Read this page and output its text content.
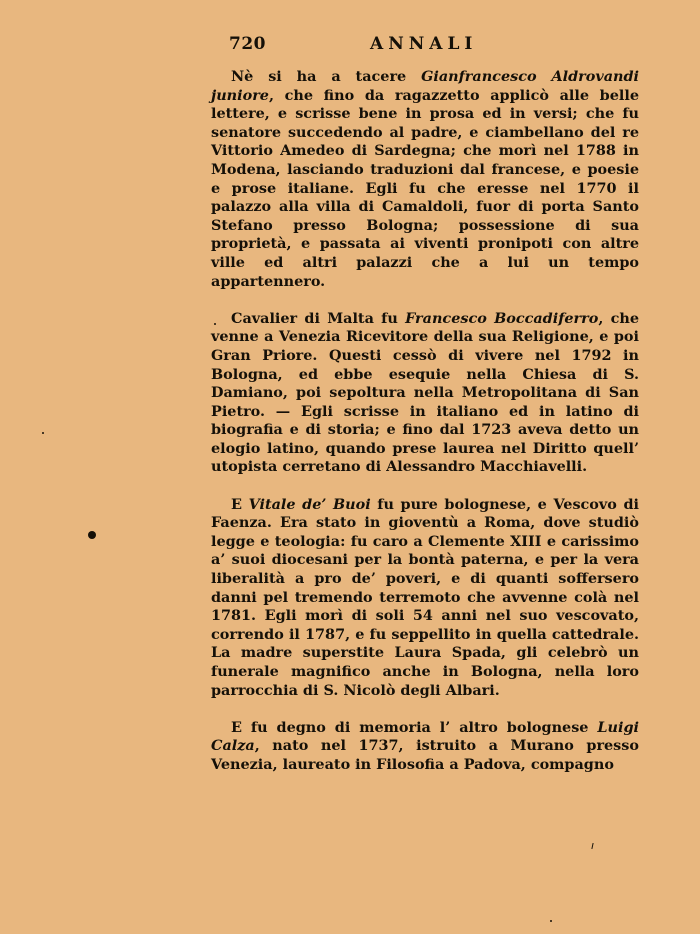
720	ANNALI

Nè si ha a tacere Gianfrancesco Aldrovandi juniore, che fino da ragazzetto applicò alle belle lettere, e scrisse bene in prosa ed in versi; che fu senatore succedendo al padre, e ciambellano del re Vittorio Amedeo di Sardegna; che morì nel 1788 in Modena, lasciando traduzioni dal francese, e poesie e prose italiane. Egli fu che eresse nel 1770 il palazzo alla villa di Camaldoli, fuor di porta Santo Stefano presso Bologna; possessione di sua proprietà, e passata ai viventi pronipoti con altre ville ed altri palazzi che a lui un tempo appartennero.

Cavalier di Malta fu Francesco Boccadiferro, che venne a Venezia Ricevitore della sua Religione, e poi Gran Priore. Questi cessò di vivere nel 1792 in Bologna, ed ebbe esequie nella Chiesa di S. Damiano, poi sepoltura nella Metropolitana di San Pietro. — Egli scrisse in italiano ed in latino di biografia e di storia; e fino dal 1723 aveva detto un elogio latino, quando prese laurea nel Diritto quell’ utopista cerretano di Alessandro Macchiavelli.

E Vitale de’ Buoi fu pure bolognese, e Vescovo di Faenza. Era stato in gioventù a Roma, dove studiò legge e teologia: fu caro a Clemente XIII e carissimo a’ suoi diocesani per la bontà paterna, e per la vera liberalità a pro de’ poveri, e di quanti soffersero danni pel tremendo terremoto che avvenne colà nel 1781. Egli morì di soli 54 anni nel suo vescovato, correndo il 1787, e fu seppellito in quella cattedrale. La madre superstite Laura Spada, gli celebrò un funerale magnifico anche in Bologna, nella loro parrocchia di S. Nicolò degli Albari.

E fu degno di memoria l’ altro bolognese Luigi Calza, nato nel 1737, istruito a Murano presso Venezia, laureato in Filosofia a Padova, compagno
